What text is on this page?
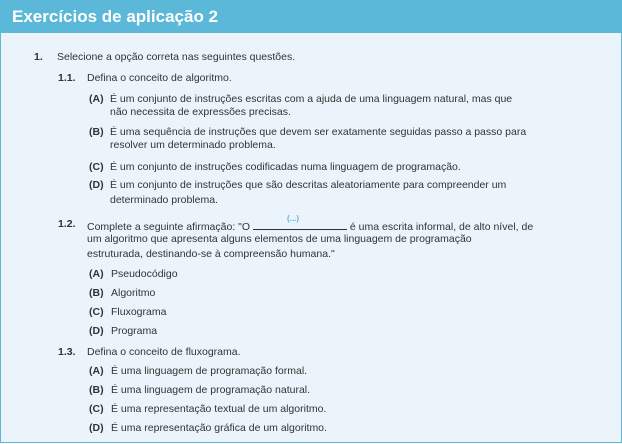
Exercícios de aplicação 2
1. Selecione a opção correta nas seguintes questões.
1.1. Defina o conceito de algoritmo.
(A) É um conjunto de instruções escritas com a ajuda de uma linguagem natural, mas que
não necessita de expressões precisas.
(B) É uma sequência de instruções que devem ser exatamente seguidas passo a passo para
resolver um determinado problema.
(C) É um conjunto de instruções codificadas numa linguagem de programação.
(D) É um conjunto de instruções que são descritas aleatoriamente para compreender um
determinado problema.
1.2. Complete a seguinte afirmação: "O
(...)
é uma escrita informal, de alto nível, de
um algoritmo que apresenta alguns elementos de uma linguagem de programação
estruturada, destinando-se à compreensão humana."
(A) Pseudocódigo
(B) Algoritmo
(C) Fluxograma
(D) Programa
1.3. Defina o conceito de fluxograma.
(A) É uma linguagem de programação formal.
(B) É uma linguagem de programação natural.
(C) É uma representação textual de um algoritmo.
(D) É uma representação gráfica de um algoritmo.
